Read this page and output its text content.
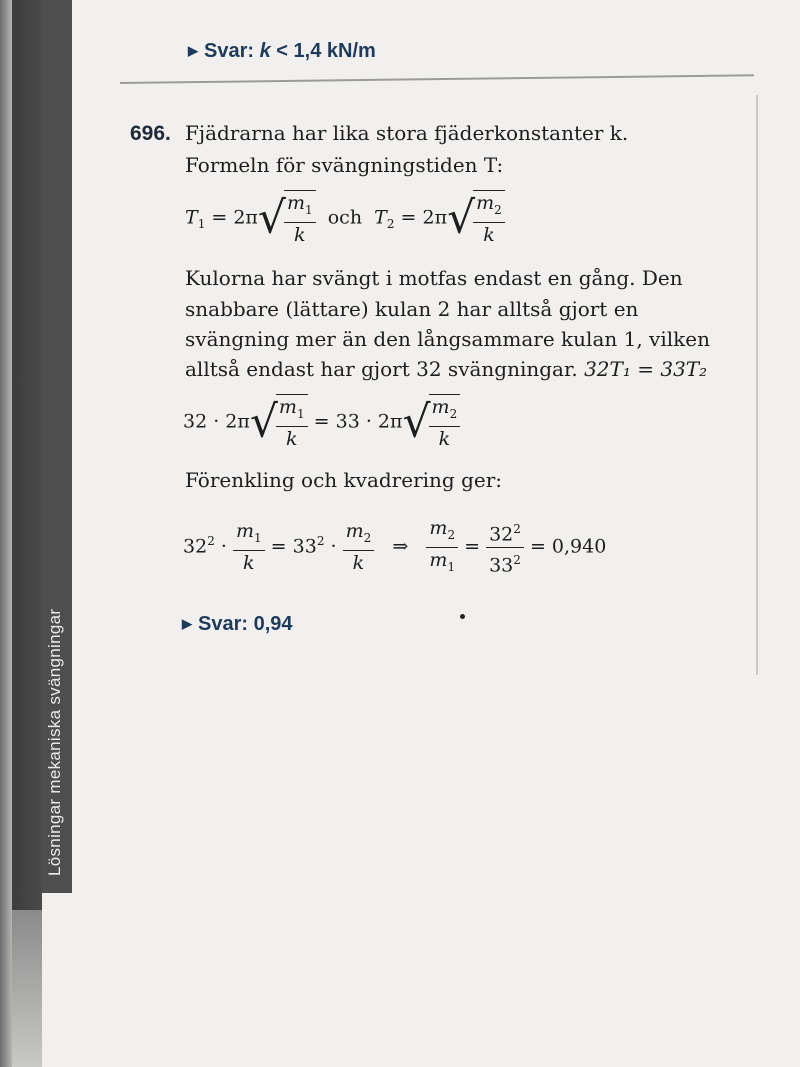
Lösningar mekaniska svängningar
▶ Svar: k < 1,4 kN/m
696. Fjädrarna har lika stora fjäderkonstanter k.
Formeln för svängningstiden T:
$T_1 = 2\pi√$
$\frac{m_1}{k}$ och $T_2 = 2\pi√$
$\frac{m_2}{k}$
Kulorna har svängt i motfas endast en gång. Den
snabbare (lättare) kulan 2 har alltså gjort en
svängning mer än den långsammare kulan 1, vilken
alltså endast har gjort 32 svängningar. 32T₁ = 33T₂
32 · 2π√
$\frac{m_1}{k} = 33 \cdot 2\pi√$
$\frac{m_2}{k}$
Förenkling och kvadrering ger:
$32^2 \cdot \frac{m_1}{k} = 33^2 \cdot \frac{m_2}{k}$ ⇒ $\frac{m_2}{m_1} = \frac{32^2}{33^2} = 0,940$
▶ Svar: 0,94
